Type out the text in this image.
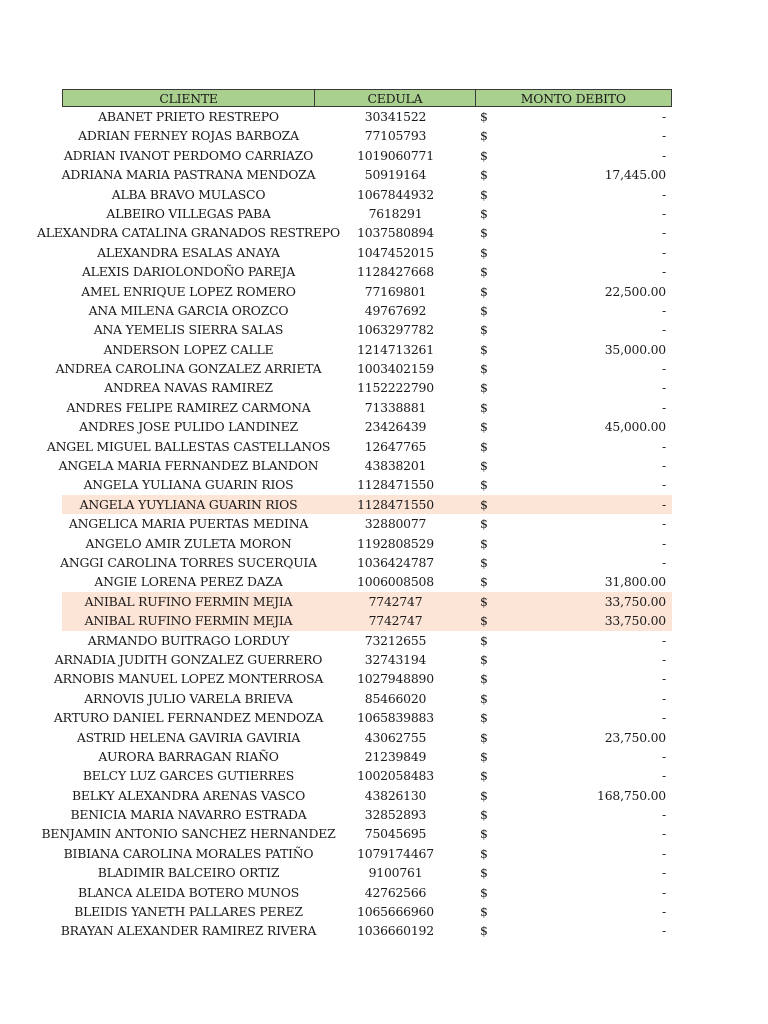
CLIENTE	CEDULA	MONTO DEBITO
ABANET PRIETO RESTREPO	30341522	$	-
ADRIAN FERNEY ROJAS BARBOZA	77105793	$	-
ADRIAN IVANOT PERDOMO CARRIAZO	1019060771	$	-
ADRIANA MARIA PASTRANA MENDOZA	50919164	$	17,445.00
ALBA BRAVO MULASCO	1067844932	$	-
ALBEIRO VILLEGAS PABA	7618291	$	-
ALEXANDRA CATALINA GRANADOS RESTREPO	1037580894	$	-
ALEXANDRA ESALAS ANAYA	1047452015	$	-
ALEXIS DARIOLONDOÑO PAREJA	1128427668	$	-
AMEL ENRIQUE LOPEZ ROMERO	77169801	$	22,500.00
ANA MILENA GARCIA OROZCO	49767692	$	-
ANA YEMELIS SIERRA SALAS	1063297782	$	-
ANDERSON LOPEZ CALLE	1214713261	$	35,000.00
ANDREA CAROLINA GONZALEZ ARRIETA	1003402159	$	-
ANDREA NAVAS RAMIREZ	1152222790	$	-
ANDRES FELIPE RAMIREZ CARMONA	71338881	$	-
ANDRES JOSE PULIDO LANDINEZ	23426439	$	45,000.00
ANGEL MIGUEL BALLESTAS CASTELLANOS	12647765	$	-
ANGELA MARIA FERNANDEZ BLANDON	43838201	$	-
ANGELA YULIANA GUARIN RIOS	1128471550	$	-
ANGELA YUYLIANA GUARIN RIOS	1128471550	$	-
ANGELICA MARIA PUERTAS MEDINA	32880077	$	-
ANGELO AMIR ZULETA MORON	1192808529	$	-
ANGGI CAROLINA TORRES SUCERQUIA	1036424787	$	-
ANGIE LORENA PEREZ DAZA	1006008508	$	31,800.00
ANIBAL RUFINO FERMIN MEJIA	7742747	$	33,750.00
ANIBAL RUFINO FERMIN MEJIA	7742747	$	33,750.00
ARMANDO BUITRAGO LORDUY	73212655	$	-
ARNADIA JUDITH GONZALEZ GUERRERO	32743194	$	-
ARNOBIS MANUEL LOPEZ MONTERROSA	1027948890	$	-
ARNOVIS JULIO VARELA BRIEVA	85466020	$	-
ARTURO DANIEL FERNANDEZ MENDOZA	1065839883	$	-
ASTRID HELENA GAVIRIA GAVIRIA	43062755	$	23,750.00
AURORA BARRAGAN RIAÑO	21239849	$	-
BELCY LUZ GARCES GUTIERRES	1002058483	$	-
BELKY ALEXANDRA ARENAS VASCO	43826130	$	168,750.00
BENICIA MARIA NAVARRO ESTRADA	32852893	$	-
BENJAMIN ANTONIO SANCHEZ HERNANDEZ	75045695	$	-
BIBIANA CAROLINA MORALES PATIÑO	1079174467	$	-
BLADIMIR BALCEIRO ORTIZ	9100761	$	-
BLANCA ALEIDA BOTERO MUNOS	42762566	$	-
BLEIDIS YANETH PALLARES PEREZ	1065666960	$	-
BRAYAN ALEXANDER RAMIREZ RIVERA	1036660192	$	-
